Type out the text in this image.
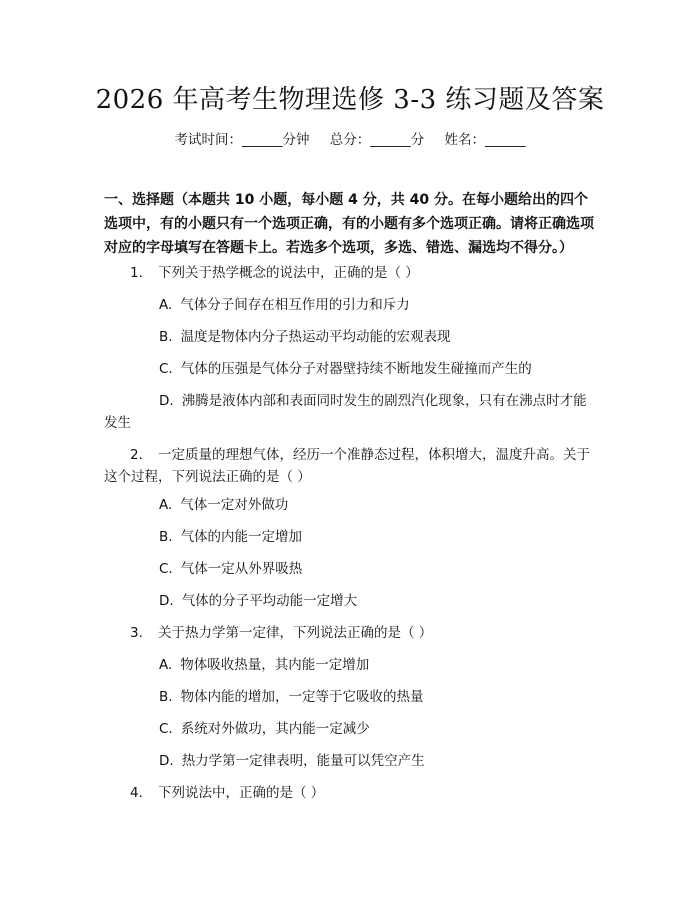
2026 年高考生物理选修 3-3 练习题及答案
考试时间：______分钟 总分：______分 姓名：______
一、选择题（本题共 10 小题，每小题 4 分，共 40 分。在每小题给出的四个选项中，有的小题只有一个选项正确，有的小题有多个选项正确。请将正确选项对应的字母填写在答题卡上。若选多个选项，多选、错选、漏选均不得分。）
1. 下列关于热学概念的说法中，正确的是（ ）
A. 气体分子间存在相互作用的引力和斥力
B. 温度是物体内分子热运动平均动能的宏观表现
C. 气体的压强是气体分子对器壁持续不断地发生碰撞而产生的
D. 沸腾是液体内部和表面同时发生的剧烈汽化现象，只有在沸点时才能发生
2. 一定质量的理想气体，经历一个准静态过程，体积增大，温度升高。关于这个过程，下列说法正确的是（ ）
A. 气体一定对外做功
B. 气体的内能一定增加
C. 气体一定从外界吸热
D. 气体的分子平均动能一定增大
3. 关于热力学第一定律，下列说法正确的是（ ）
A. 物体吸收热量，其内能一定增加
B. 物体内能的增加，一定等于它吸收的热量
C. 系统对外做功，其内能一定减少
D. 热力学第一定律表明，能量可以凭空产生
4. 下列说法中，正确的是（ ）
